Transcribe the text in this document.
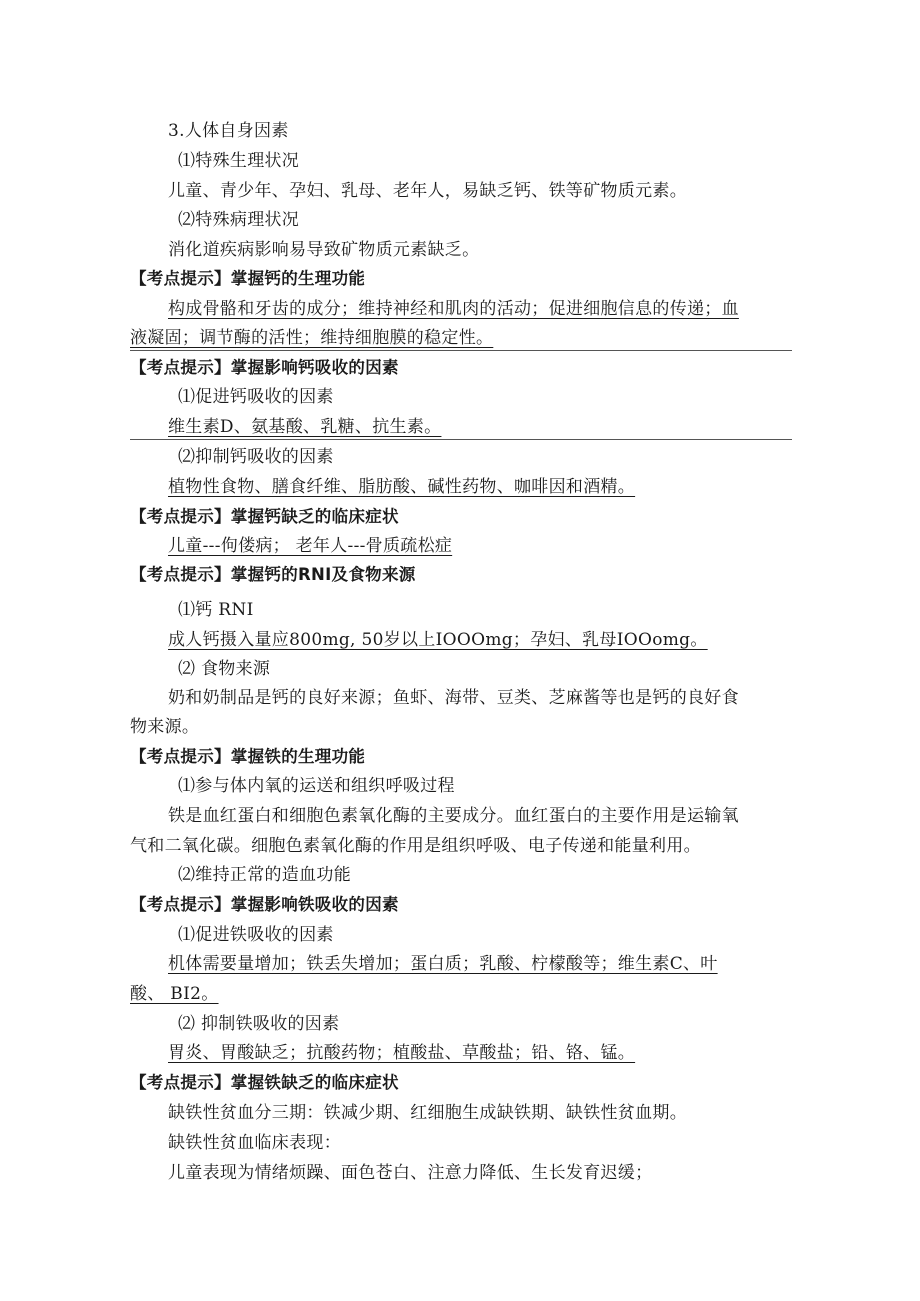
3.人体自身因素
⑴特殊生理状况
儿童、青少年、孕妇、乳母、老年人，易缺乏钙、铁等矿物质元素。
⑵特殊病理状况
消化道疾病影响易导致矿物质元素缺乏。
【考点提示】掌握钙的生理功能
构成骨骼和牙齿的成分；维持神经和肌肉的活动；促进细胞信息的传递；血
液凝固；调节酶的活性；维持细胞膜的稳定性。
【考点提示】掌握影响钙吸收的因素
⑴促进钙吸收的因素
维生素D、氨基酸、乳糖、抗生素。
⑵抑制钙吸收的因素
植物性食物、膳食纤维、脂肪酸、碱性药物、咖啡因和酒精。
【考点提示】掌握钙缺乏的临床症状
儿童---佝偻病； 老年人---骨质疏松症
【考点提示】掌握钙的RNI及食物来源
⑴钙 RNI
成人钙摄入量应800mg, 50岁以上IOOOmg；孕妇、乳母IOOomg。
⑵ 食物来源
奶和奶制品是钙的良好来源；鱼虾、海带、豆类、芝麻酱等也是钙的良好食
物来源。
【考点提示】掌握铁的生理功能
⑴参与体内氧的运送和组织呼吸过程
铁是血红蛋白和细胞色素氧化酶的主要成分。血红蛋白的主要作用是运输氧
气和二氧化碳。细胞色素氧化酶的作用是组织呼吸、电子传递和能量利用。
⑵维持正常的造血功能
【考点提示】掌握影响铁吸收的因素
⑴促进铁吸收的因素
机体需要量增加；铁丢失增加；蛋白质；乳酸、柠檬酸等；维生素C、叶
酸、 BI2。
⑵ 抑制铁吸收的因素
胃炎、胃酸缺乏；抗酸药物；植酸盐、草酸盐；铅、铬、锰。
【考点提示】掌握铁缺乏的临床症状
缺铁性贫血分三期：铁减少期、红细胞生成缺铁期、缺铁性贫血期。
缺铁性贫血临床表现：
儿童表现为情绪烦躁、面色苍白、注意力降低、生长发育迟缓；
